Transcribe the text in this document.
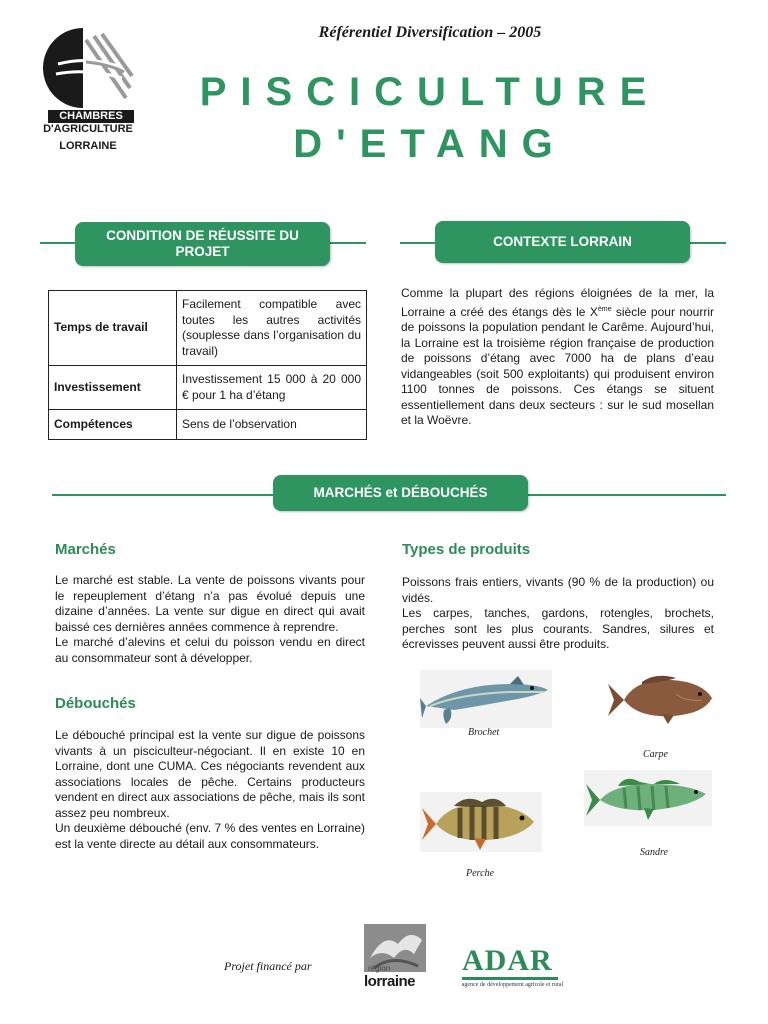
CHAMBRES
D'AGRICULTURE
LORRAINE
Référentiel Diversification – 2005
PISCICULTURE
D'ETANG
CONDITION DE RÉUSSITE DU PROJET
CONTEXTE LORRAIN
Temps de travail	Facilement compatible avec toutes les autres activités (souplesse dans l’organisation du travail)
Investissement	Investissement 15 000 à 20 000 € pour 1 ha d’étang
Compétences	Sens de l’observation
Comme la plupart des régions éloignées de la mer, la Lorraine a créé des étangs dès le Xème siècle pour nourrir de poissons la population pendant le Carême. Aujourd’hui, la Lorraine est la troisième région française de production de poissons d’étang avec 7000 ha de plans d’eau vidangeables (soit 500 exploitants) qui produisent environ 1100 tonnes de poissons. Ces étangs se situent essentiellement dans deux secteurs : sur le sud mosellan et la Woëvre.
MARCHÉS et DÉBOUCHÉS
Marchés
Le marché est stable. La vente de poissons vivants pour le repeuplement d’étang n’a pas évolué depuis une dizaine d’années. La vente sur digue en direct qui avait baissé ces dernières années commence à reprendre.
Le marché d’alevins et celui du poisson vendu en direct au consommateur sont à développer.
Débouchés
Le débouché principal est la vente sur digue de poissons vivants à un pisciculteur-négociant. Il en existe 10 en Lorraine, dont une CUMA. Ces négociants revendent aux associations locales de pêche. Certains producteurs vendent en direct aux associations de pêche, mais ils sont assez peu nombreux.
Un deuxième débouché (env. 7 % des ventes en Lorraine) est la vente directe au détail aux consommateurs.
Types de produits
Poissons frais entiers, vivants (90 % de la production) ou vidés.
Les carpes, tanches, gardons, rotengles, brochets, perches sont les plus courants. Sandres, silures et écrevisses peuvent aussi être produits.
Brochet
Carpe
Perche
Sandre
Projet financé par	région
lorraine
ADAR
agence de développement agricole et rural
